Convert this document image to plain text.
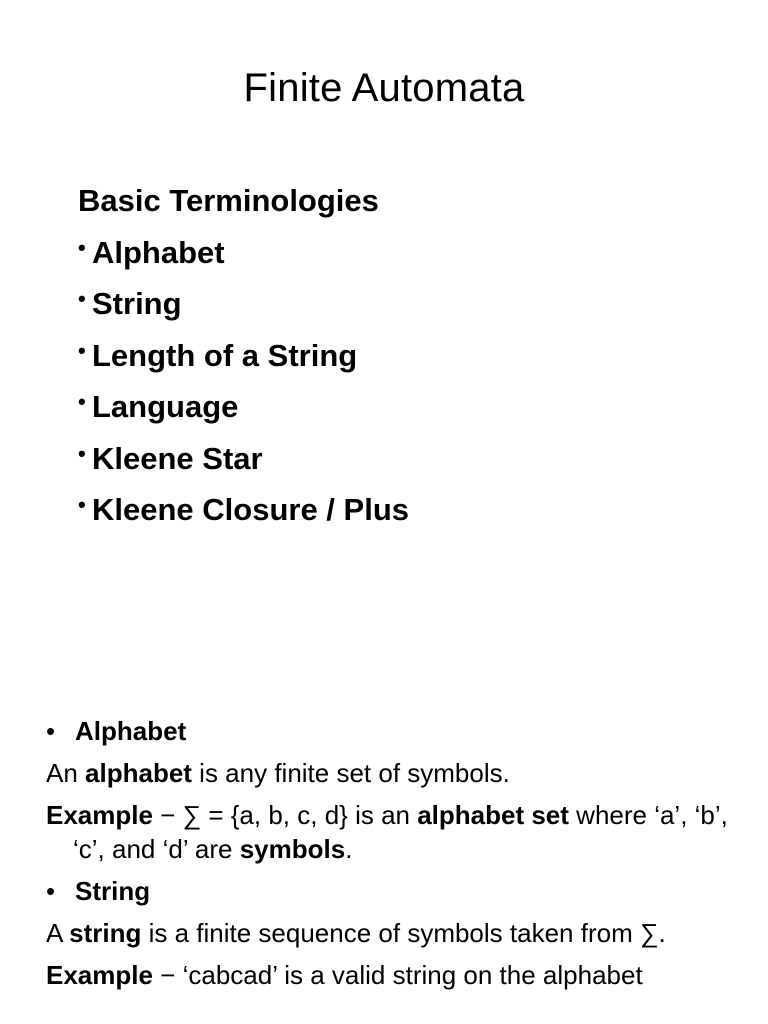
Finite Automata
Basic Terminologies
• Alphabet
• String
• Length of a String
• Language
• Kleene Star
• Kleene Closure / Plus
• Alphabet
An alphabet is any finite set of symbols.
Example − ∑ = {a, b, c, d} is an alphabet set where ‘a’, ‘b’, ‘c’, and ‘d’ are symbols.
• String
A string is a finite sequence of symbols taken from ∑.
Example − ‘cabcad’ is a valid string on the alphabet
